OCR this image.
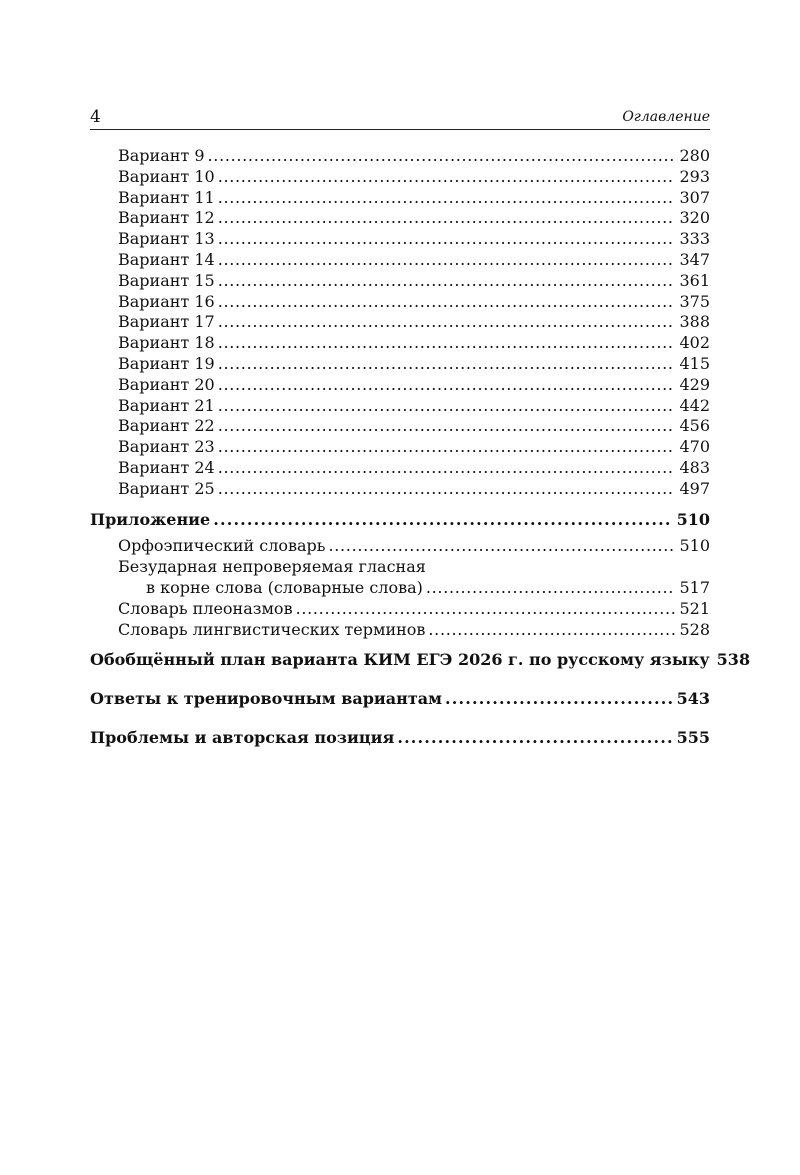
4	Оглавление
Вариант 9 . . .	280
Вариант 10 . . .	293
Вариант 11 . . .	307
Вариант 12 . . .	320
Вариант 13 . . .	333
Вариант 14 . . .	347
Вариант 15 . . .	361
Вариант 16 . . .	375
Вариант 17 . . .	388
Вариант 18 . . .	402
Вариант 19 . . .	415
Вариант 20 . . .	429
Вариант 21 . . .	442
Вариант 22 . . .	456
Вариант 23 . . .	470
Вариант 24 . . .	483
Вариант 25 . . .	497
Приложение . . .	510
Орфоэпический словарь . . .	510
Безударная непроверяемая гласная
в корне слова (словарные слова) . . .	517
Словарь плеоназмов . . .	521
Словарь лингвистических терминов . . .	528
Обобщённый план варианта КИМ ЕГЭ 2026 г. по русскому языку 538
Ответы к тренировочным вариантам . . .	543
Проблемы и авторская позиция . . .	555
